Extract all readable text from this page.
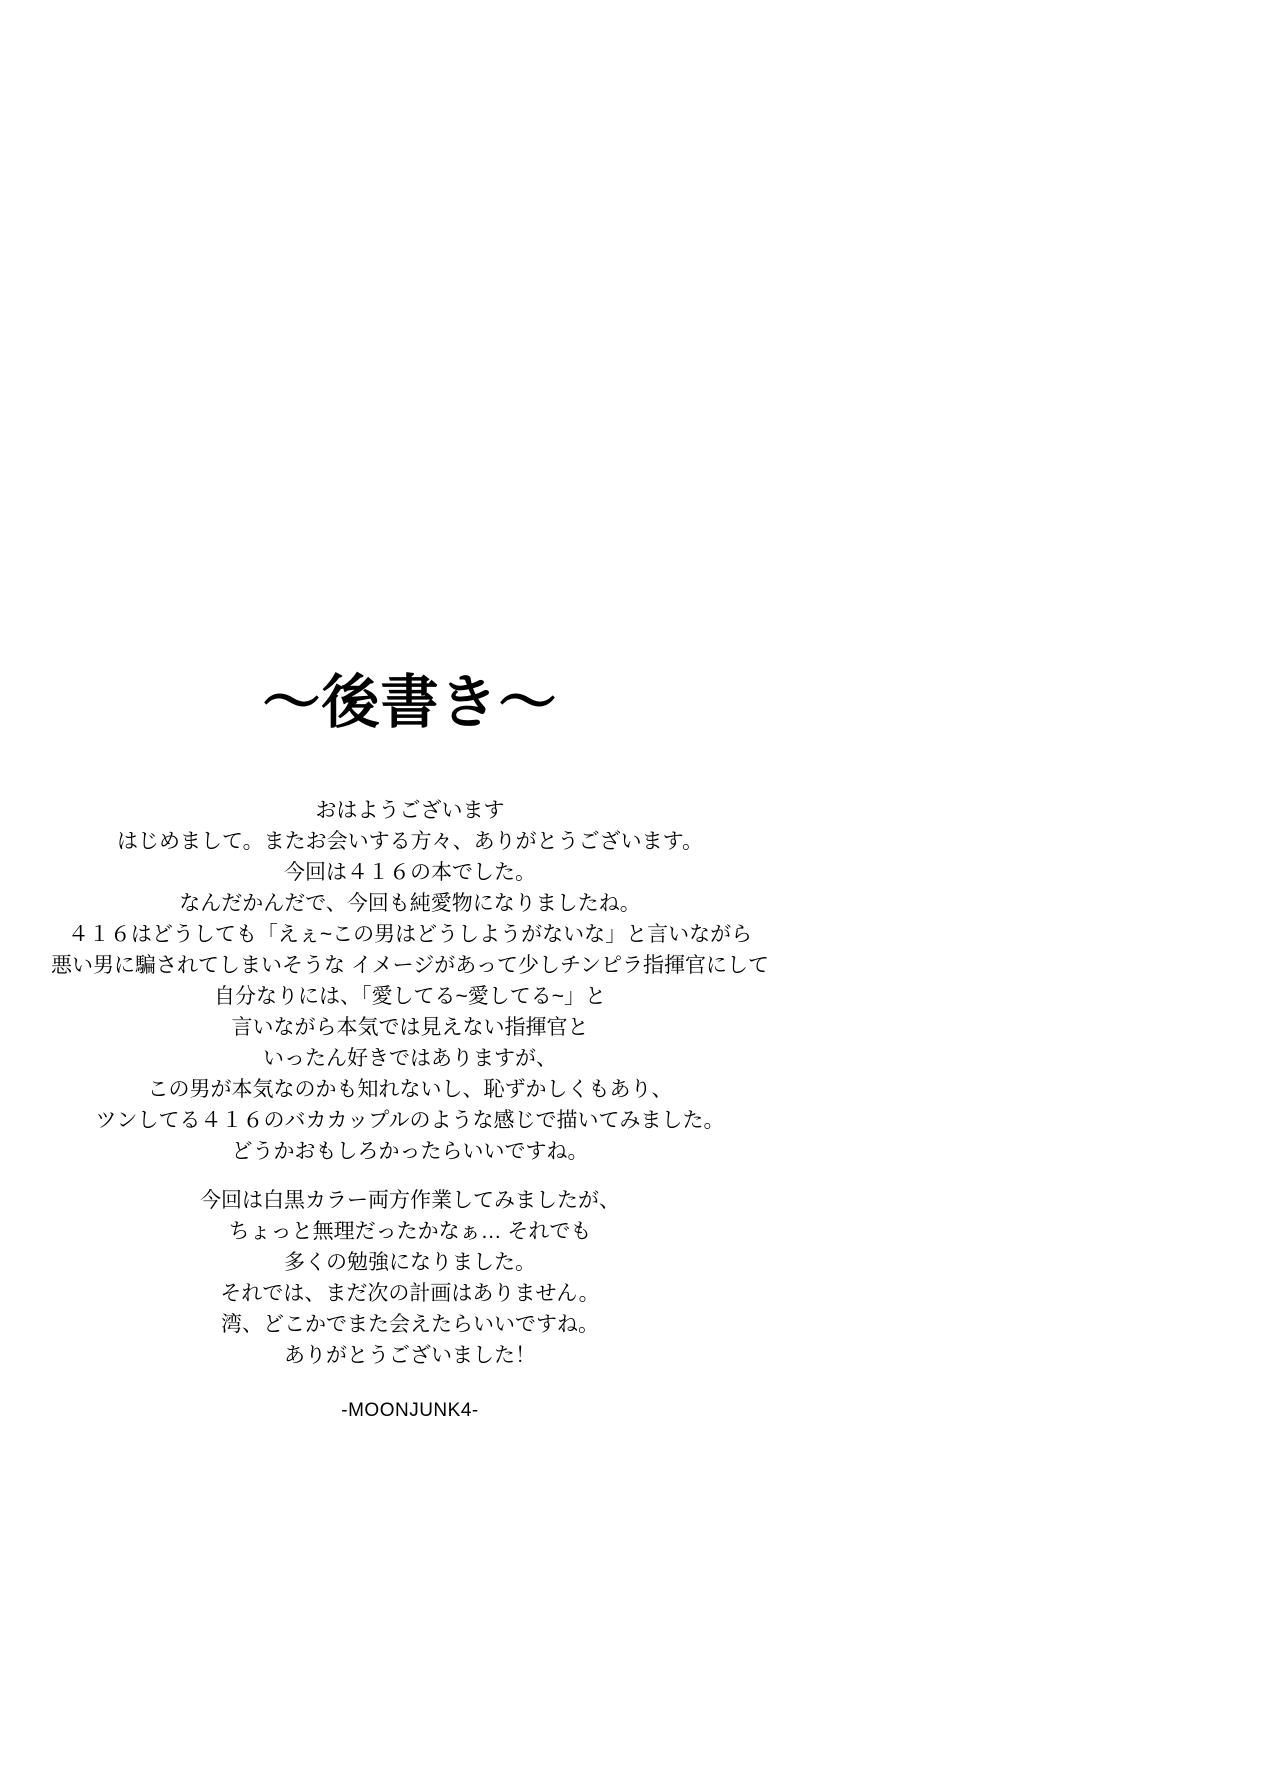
～後書き～
おはようございます
はじめまして。またお会いする方々、ありがとうございます。
今回は４１６の本でした。
なんだかんだで、今回も純愛物になりましたね。
４１６はどうしても「えぇ~この男はどうしようがないな」と言いながら
悪い男に騙されてしまいそうな イメージがあって少しチンピラ指揮官にして
自分なりには、「愛してる~愛してる~」と
言いながら本気では見えない指揮官と
いったん好きではありますが、
この男が本気なのかも知れないし、恥ずかしくもあり、
ツンしてる４１６のバカカップルのような感じで描いてみました。
どうかおもしろかったらいいですね。
今回は白黒カラー両方作業してみましたが、
ちょっと無理だったかなぁ… それでも
多くの勉強になりました。
それでは、まだ次の計画はありません。
湾、どこかでまた会えたらいいですね。
ありがとうございました！
-MOONJUNK4-
